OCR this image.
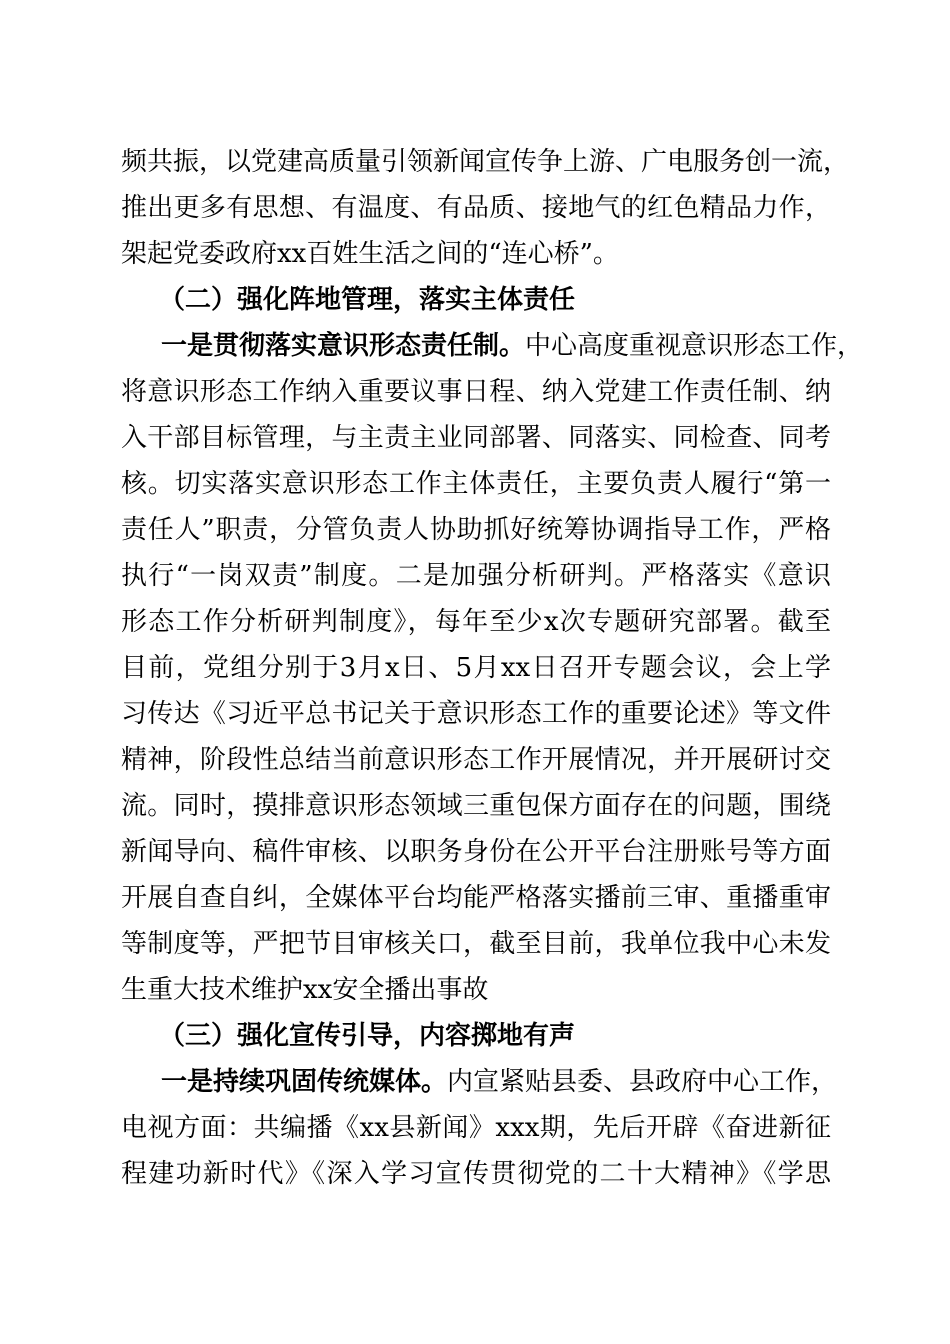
频共振，以党建高质量引领新闻宣传争上游、广电服务创一流，
推出更多有思想、有温度、有品质、接地气的红色精品力作，
架起党委政府xx百姓生活之间的“连心桥”。
（二）强化阵地管理，落实主体责任
一是贯彻落实意识形态责任制。中心高度重视意识形态工作，
将意识形态工作纳入重要议事日程、纳入党建工作责任制、纳
入干部目标管理，与主责主业同部署、同落实、同检查、同考
核。切实落实意识形态工作主体责任，主要负责人履行“第一
责任人”职责，分管负责人协助抓好统筹协调指导工作，严格
执行“一岗双责”制度。二是加强分析研判。严格落实《意识
形态工作分析研判制度》，每年至少x次专题研究部署。截至
目前，党组分别于3月x日、5月xx日召开专题会议，会上学
习传达《习近平总书记关于意识形态工作的重要论述》等文件
精神，阶段性总结当前意识形态工作开展情况，并开展研讨交
流。同时，摸排意识形态领域三重包保方面存在的问题，围绕
新闻导向、稿件审核、以职务身份在公开平台注册账号等方面
开展自查自纠，全媒体平台均能严格落实播前三审、重播重审
等制度等，严把节目审核关口，截至目前，我单位我中心未发
生重大技术维护xx安全播出事故
（三）强化宣传引导，内容掷地有声
一是持续巩固传统媒体。内宣紧贴县委、县政府中心工作，
电视方面：共编播《xx县新闻》xxx期，先后开辟《奋进新征
程建功新时代》《深入学习宣传贯彻党的二十大精神》《学思
